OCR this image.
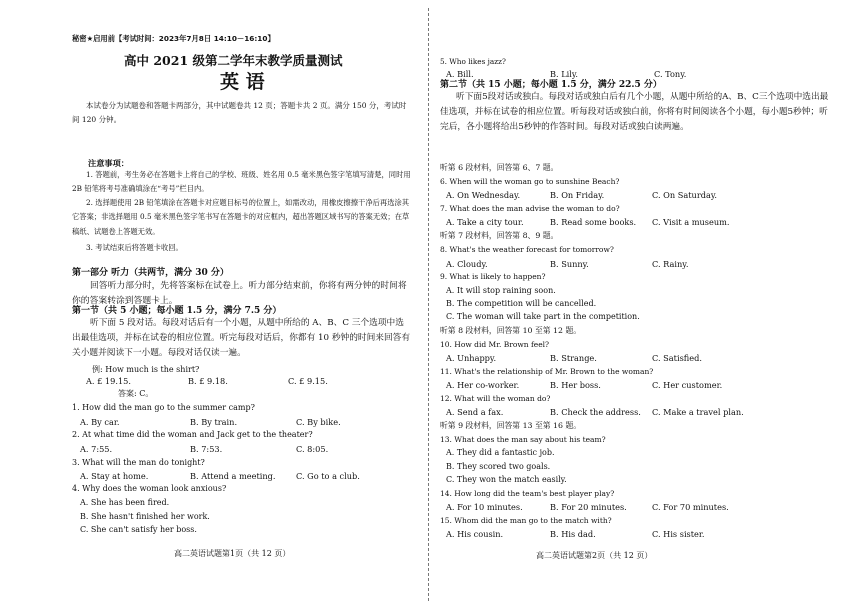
秘密★启用前【考试时间：2023年7月8日 14:10－16:10】
高中 2021 级第二学年末教学质量测试
英 语
本试卷分为试题卷和答题卡两部分，其中试题卷共 12 页；答题卡共 2 页。满分 150 分，考试时间 120 分钟。
注意事项：
1. 答题前，考生务必在答题卡上将自己的学校、班级、姓名用 0.5 毫米黑色签字笔填写清楚，同时用 2B 铅笔将考号准确填涂在“考号”栏目内。
2. 选择题使用 2B 铅笔填涂在答题卡对应题目标号的位置上，如需改动，用橡皮擦擦干净后再选涂其它答案；非选择题用 0.5 毫米黑色签字笔书写在答题卡的对应框内，超出答题区域书写的答案无效；在草稿纸、试题卷上答题无效。
3. 考试结束后将答题卡收回。
第一部分 听力（共两节，满分 30 分）
回答听力部分时，先将答案标在试卷上。听力部分结束前，你将有两分钟的时间将你的答案转涂到答题卡上。
第一节（共 5 小题；每小题 1.5 分，满分 7.5 分）
听下面 5 段对话。每段对话后有一个小题，从题中所给的 A、B、C 三个选项中选出最佳选项，并标在试卷的相应位置。听完每段对话后，你都有 10 秒钟的时间来回答有关小题并阅读下一小题。每段对话仅读一遍。
例: How much is the shirt?
A. £ 19.15.	B. £ 9.18.	C. £ 9.15.
答案: C。
1. How did the man go to the summer camp?
A. By car.	B. By train.	C. By bike.
2. At what time did the woman and Jack get to the theater?
A. 7:55.	B. 7:53.	C. 8:05.
3. What will the man do tonight?
A. Stay at home.	B. Attend a meeting.	C. Go to a club.
4. Why does the woman look anxious?
A. She has been fired.
B. She hasn't finished her work.
C. She can't satisfy her boss.
高二英语试题第1页（共 12 页）
5. Who likes jazz?
A. Bill.	B. Lily.	C. Tony.
第二节（共 15 小题；每小题 1.5 分，满分 22.5 分）
听下面5段对话或独白。每段对话或独白后有几个小题，从题中所给的A、B、C三个选项中选出最佳选项，并标在试卷的相应位置。听每段对话或独白前，你将有时间阅读各个小题，每小题5秒钟；听完后，各小题将给出5秒钟的作答时间。每段对话或独白读两遍。
听第 6 段材料，回答第 6、7 题。
6. When will the woman go to sunshine Beach?
A. On Wednesday.	B. On Friday.	C. On Saturday.
7. What does the man advise the woman to do?
A. Take a city tour.	B. Read some books.	C. Visit a museum.
听第 7 段材料，回答第 8、9 题。
8. What's the weather forecast for tomorrow?
A. Cloudy.	B. Sunny.	C. Rainy.
9. What is likely to happen?
A. It will stop raining soon.
B. The competition will be cancelled.
C. The woman will take part in the competition.
听第 8 段材料，回答第 10 至第 12 题。
10. How did Mr. Brown feel?
A. Unhappy.	B. Strange.	C. Satisfied.
11. What's the relationship of Mr. Brown to the woman?
A. Her co-worker.	B. Her boss.	C. Her customer.
12. What will the woman do?
A. Send a fax.	B. Check the address.	C. Make a travel plan.
听第 9 段材料，回答第 13 至第 16 题。
13. What does the man say about his team?
A. They did a fantastic job.
B. They scored two goals.
C. They won the match easily.
14. How long did the team's best player play?
A. For 10 minutes.	B. For 20 minutes.	C. For 70 minutes.
15. Whom did the man go to the match with?
A. His cousin.	B. His dad.	C. His sister.
高二英语试题第2页（共 12 页）
